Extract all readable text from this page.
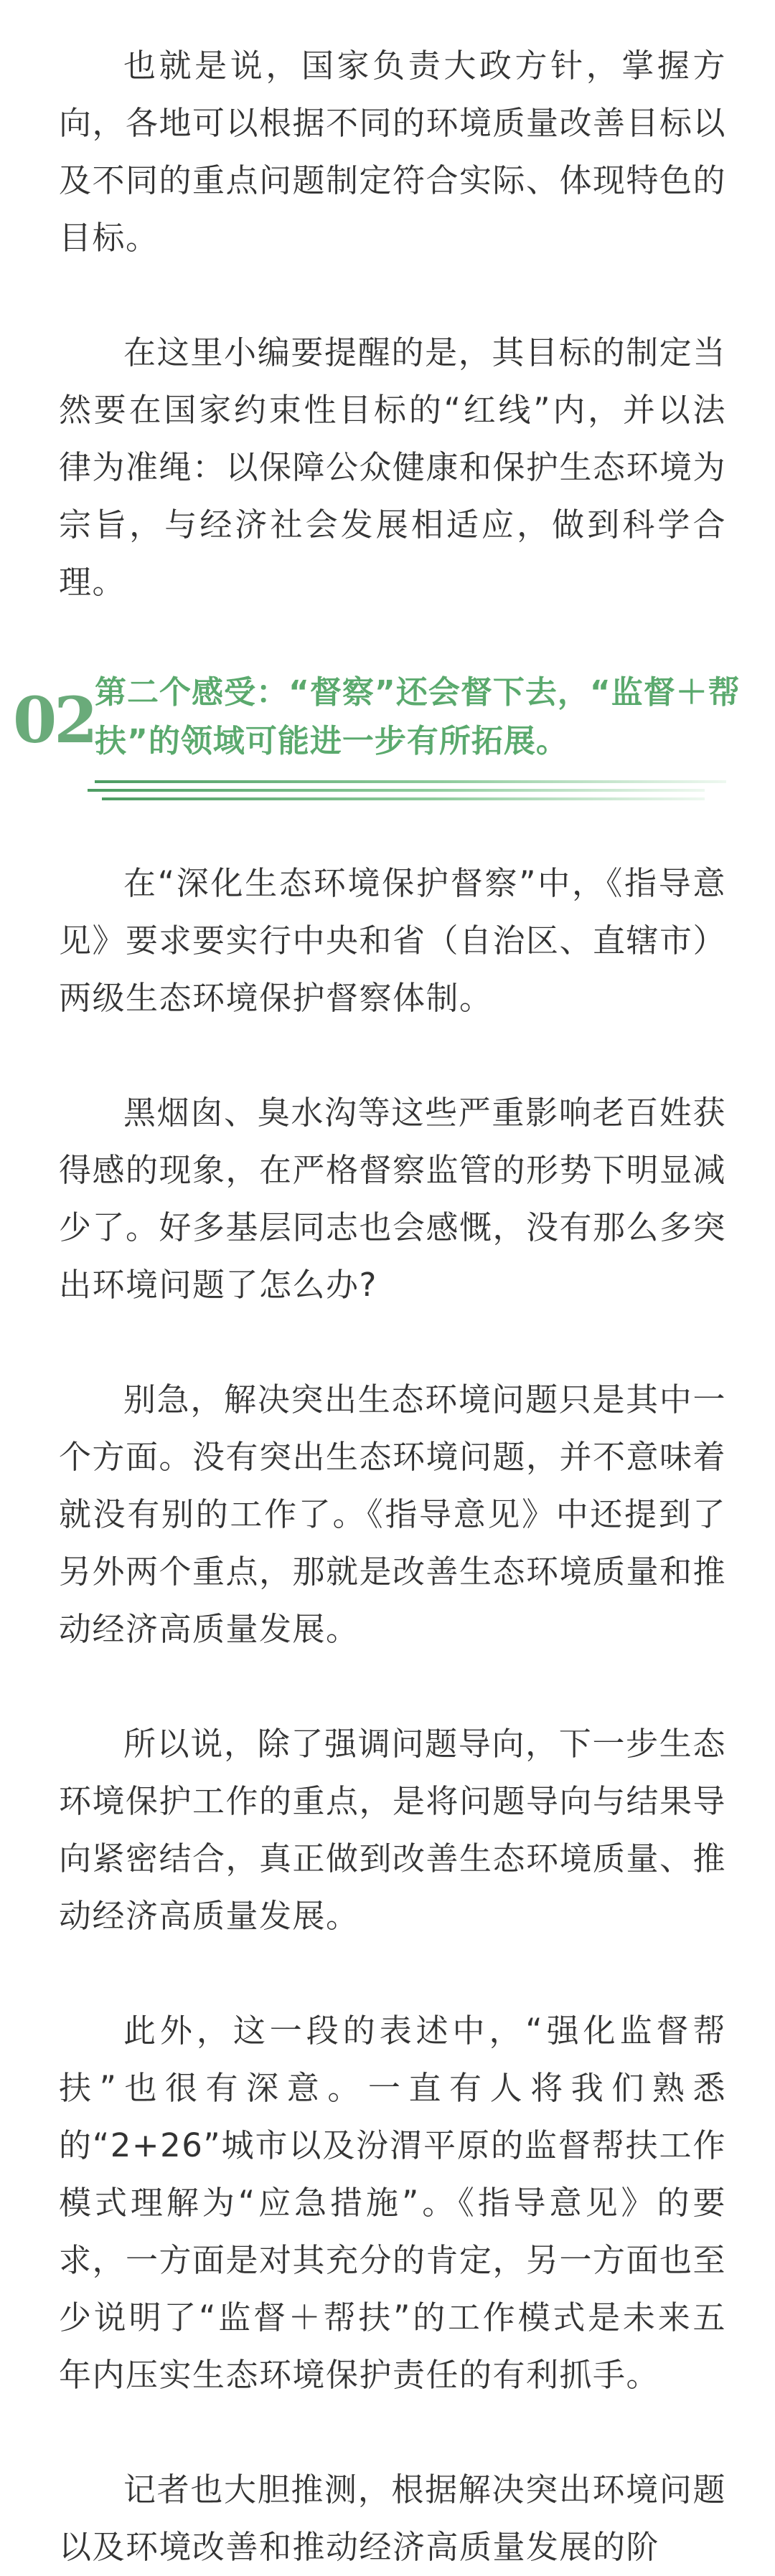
也就是说，国家负责大政方针，掌握方向，各地可以根据不同的环境质量改善目标以及不同的重点问题制定符合实际、体现特色的目标。

在这里小编要提醒的是，其目标的制定当然要在国家约束性目标的“红线”内，并以法律为准绳：以保障公众健康和保护生态环境为宗旨，与经济社会发展相适应，做到科学合理。

02 第二个感受：“督察”还会督下去，“监督＋帮扶”的领域可能进一步有所拓展。

在“深化生态环境保护督察”中，《指导意见》要求要实行中央和省（自治区、直辖市）两级生态环境保护督察体制。

黑烟囱、臭水沟等这些严重影响老百姓获得感的现象，在严格督察监管的形势下明显减少了。好多基层同志也会感慨，没有那么多突出环境问题了怎么办?

别急，解决突出生态环境问题只是其中一个方面。没有突出生态环境问题，并不意味着就没有别的工作了。《指导意见》中还提到了另外两个重点，那就是改善生态环境质量和推动经济高质量发展。

所以说，除了强调问题导向，下一步生态环境保护工作的重点，是将问题导向与结果导向紧密结合，真正做到改善生态环境质量、推动经济高质量发展。

此外，这一段的表述中，“强化监督帮扶”也很有深意。一直有人将我们熟悉的“2+26”城市以及汾渭平原的监督帮扶工作模式理解为“应急措施”。《指导意见》的要求，一方面是对其充分的肯定，另一方面也至少说明了“监督＋帮扶”的工作模式是未来五年内压实生态环境保护责任的有利抓手。

记者也大胆推测，根据解决突出环境问题以及环境改善和推动经济高质量发展的阶
